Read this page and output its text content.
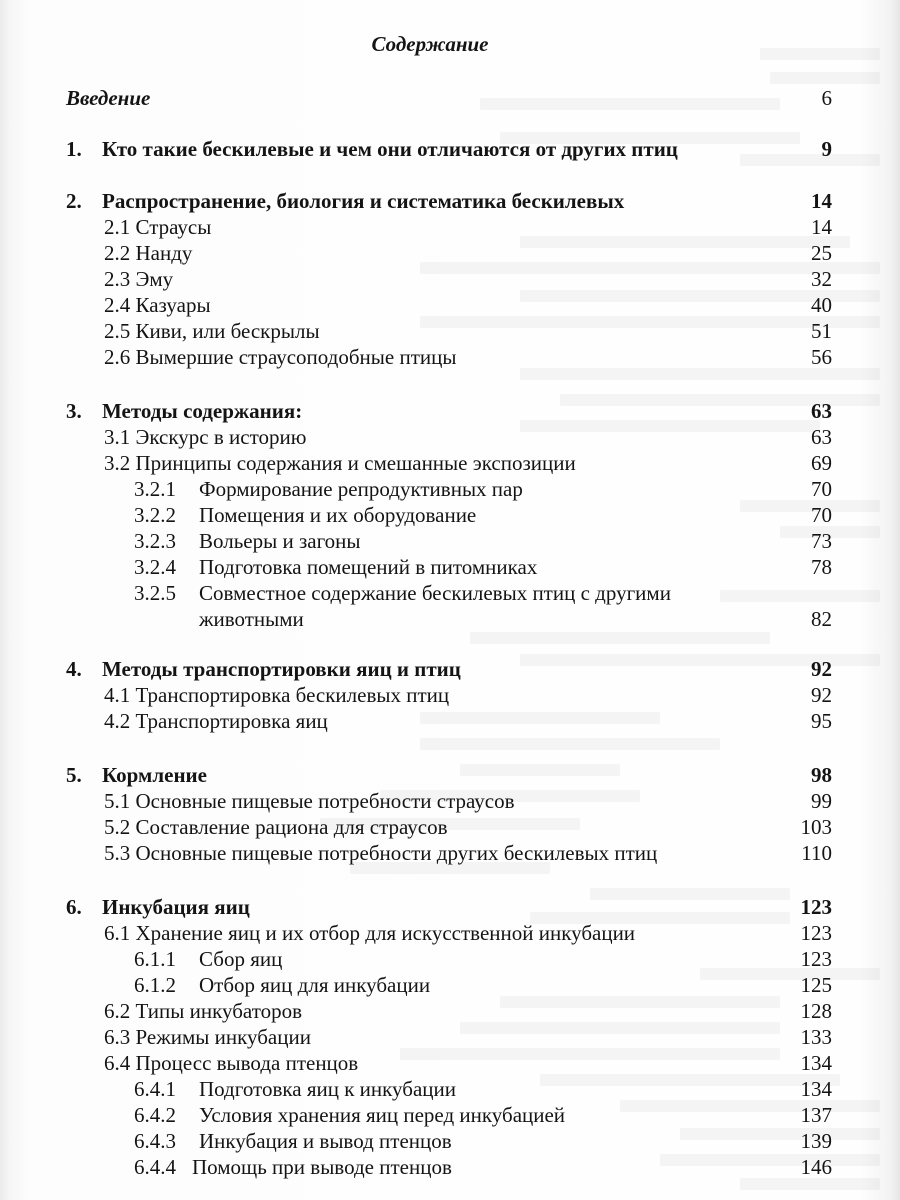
Содержание
Введение	6
1. Кто такие бескилевые и чем они отличаются от других птиц	9
2. Распространение, биология и систематика бескилевых	14
2.1 Страусы	14
2.2 Нанду	25
2.3 Эму	32
2.4 Казуары	40
2.5 Киви, или бескрылы	51
2.6 Вымершие страусоподобные птицы	56
3. Методы содержания:	63
3.1 Экскурс в историю	63
3.2 Принципы содержания и смешанные экспозиции	69
3.2.1 Формирование репродуктивных пар	70
3.2.2 Помещения и их оборудование	70
3.2.3 Вольеры и загоны	73
3.2.4 Подготовка помещений в питомниках	78
3.2.5 Совместное содержание бескилевых птиц с другими
животными	82
4. Методы транспортировки яиц и птиц	92
4.1 Транспортировка бескилевых птиц	92
4.2 Транспортировка яиц	95
5. Кормление	98
5.1 Основные пищевые потребности страусов	99
5.2 Составление рациона для страусов	103
5.3 Основные пищевые потребности других бескилевых птиц	110
6. Инкубация яиц	123
6.1 Хранение яиц и их отбор для искусственной инкубации	123
6.1.1 Сбор яиц	123
6.1.2 Отбор яиц для инкубации	125
6.2 Типы инкубаторов	128
6.3 Режимы инкубации	133
6.4 Процесс вывода птенцов	134
6.4.1 Подготовка яиц к инкубации	134
6.4.2 Условия хранения яиц перед инкубацией	137
6.4.3 Инкубация и вывод птенцов	139
6.4.4 Помощь при выводе птенцов	146
